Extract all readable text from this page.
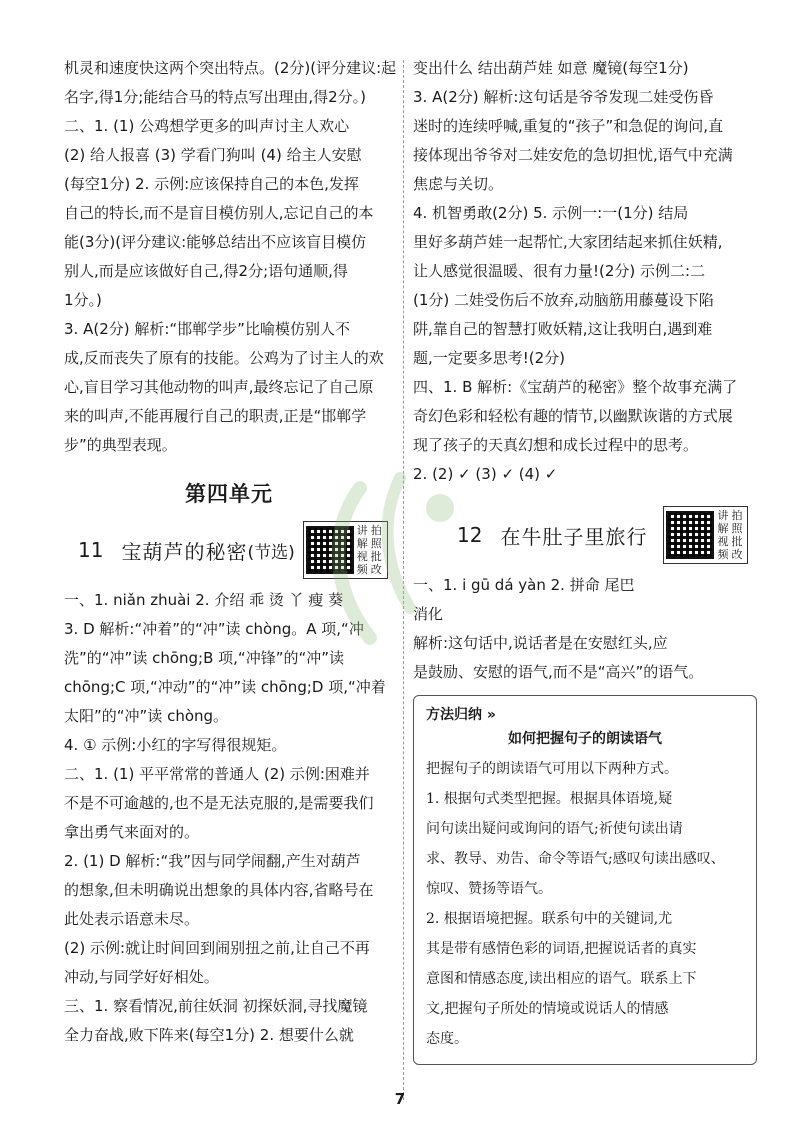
机灵和速度快这两个突出特点。(2分)(评分建议:起

名字,得1分;能结合马的特点写出理由,得2分。)

二、1. (1) 公鸡想学更多的叫声讨主人欢心

(2) 给人报喜 (3) 学看门狗叫 (4) 给主人安慰

(每空1分) 2. 示例:应该保持自己的本色,发挥

自己的特长,而不是盲目模仿别人,忘记自己的本

能(3分)(评分建议:能够总结出不应该盲目模仿

别人,而是应该做好自己,得2分;语句通顺,得

1分。)

3. A(2分) 解析:“邯郸学步”比喻模仿别人不

成,反而丧失了原有的技能。公鸡为了讨主人的欢

心,盲目学习其他动物的叫声,最终忘记了自己原

来的叫声,不能再履行自己的职责,正是“邯郸学

步”的典型表现。

第四单元
11 宝葫芦的秘密 (节选)
讲 拍
解 照
视 批
频 改

一、1. niǎn zhuài 2. 介绍 乖 烫 丫 瘦 葵

3. D 解析:“冲着”的“冲”读 chòng。A 项,“冲

洗”的“冲”读 chōng;B 项,“冲锋”的“冲”读

chōng;C 项,“冲动”的“冲”读 chōng;D 项,“冲着

太阳”的“冲”读 chòng。

4. ① 示例:小红的字写得很规矩。

二、1. (1) 平平常常的普通人 (2) 示例:困难并

不是不可逾越的,也不是无法克服的,是需要我们

拿出勇气来面对的。

2. (1) D 解析:“我”因与同学闹翻,产生对葫芦

的想象,但未明确说出想象的具体内容,省略号在

此处表示语意未尽。

(2) 示例:就让时间回到闹别扭之前,让自己不再

冲动,与同学好好相处。

三、1. 察看情况,前往妖洞 初探妖洞,寻找魔镜

全力奋战,败下阵来(每空1分) 2. 想要什么就

变出什么 结出葫芦娃 如意 魔镜(每空1分)

3. A(2分) 解析:这句话是爷爷发现二娃受伤昏

迷时的连续呼喊,重复的“孩子”和急促的询问,直

接体现出爷爷对二娃安危的急切担忧,语气中充满

焦虑与关切。

4. 机智勇敢(2分) 5. 示例一:一(1分) 结局

里好多葫芦娃一起帮忙,大家团结起来抓住妖精,

让人感觉很温暖、很有力量!(2分) 示例二:二

(1分) 二娃受伤后不放弃,动脑筋用藤蔓设下陷

阱,靠自己的智慧打败妖精,这让我明白,遇到难

题,一定要多思考!(2分)

四、1. B 解析:《宝葫芦的秘密》整个故事充满了

奇幻色彩和轻松有趣的情节,以幽默诙谐的方式展

现了孩子的天真幻想和成长过程中的思考。

2. (2) ✓ (3) ✓ (4) ✓

12 在牛肚子里旅行
讲 拍
解 照
视 批
频 改

一、1. i gū dá yàn 2. 拼命 尾巴

消化

解析:这句话中,说话者是在安慰红头,应

是鼓励、安慰的语气,而不是“高兴”的语气。

方法归纳 »
如何把握句子的朗读语气

把握句子的朗读语气可用以下两种方式。

1. 根据句式类型把握。根据具体语境,疑

问句读出疑问或询问的语气;祈使句读出请

求、教导、劝告、命令等语气;感叹句读出感叹、

惊叹、赞扬等语气。

2. 根据语境把握。联系句中的关键词,尤

其是带有感情色彩的词语,把握说话者的真实

意图和情感态度,读出相应的语气。联系上下

文,把握句子所处的情境或说话人的情感

态度。

7
